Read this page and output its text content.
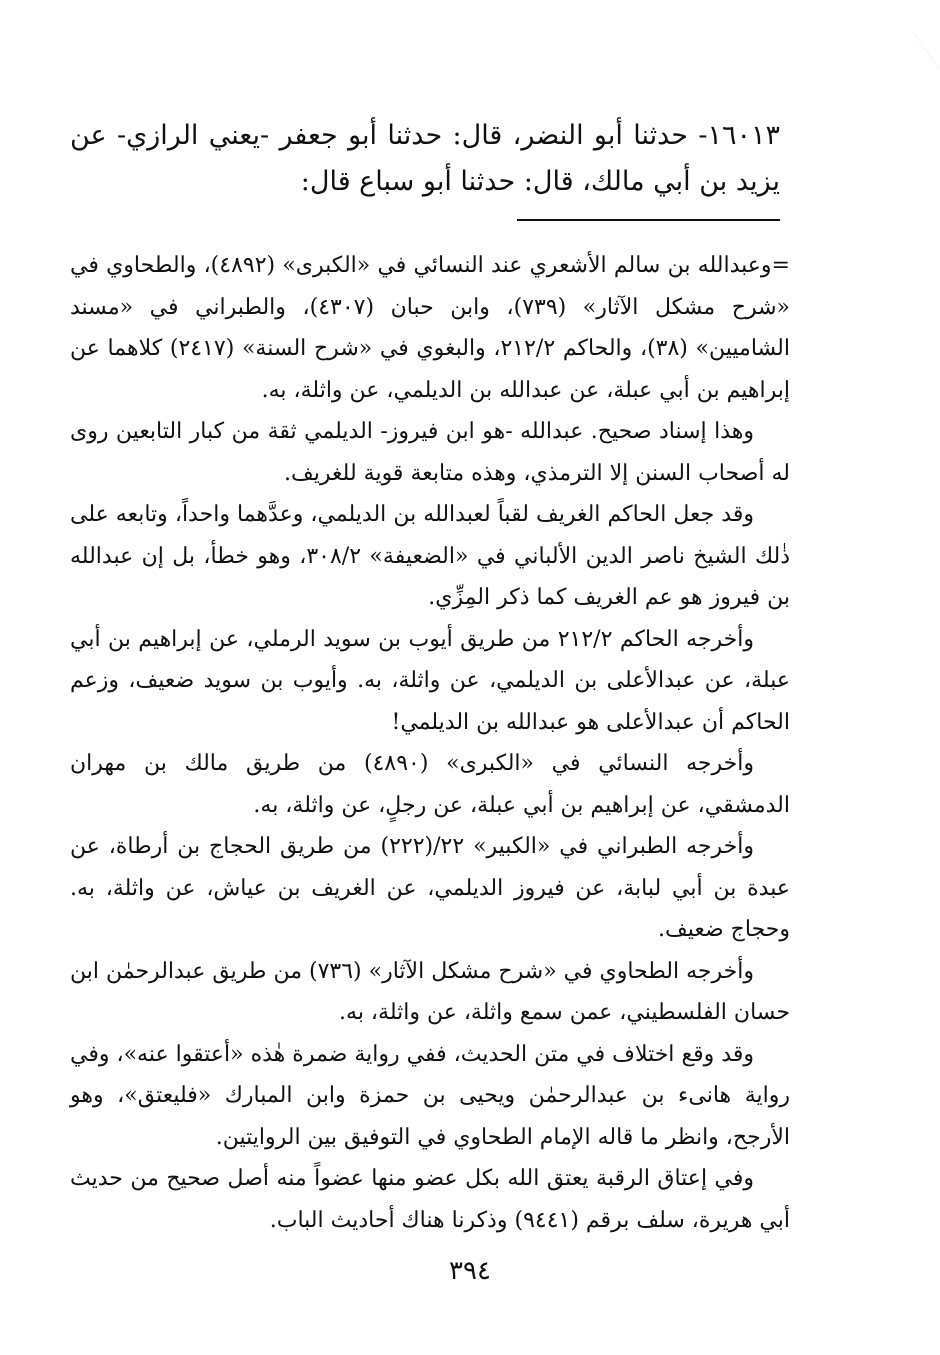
١٦٠١٣- حدثنا أبو النضر، قال: حدثنا أبو جعفر -يعني الرازي- عن يزيد بن أبي مالك، قال: حدثنا أبو سباع قال:

=وعبدالله بن سالم الأشعري عند النسائي في «الكبرى» (٤٨٩٢)، والطحاوي في «شرح مشكل الآثار» (٧٣٩)، وابن حبان (٤٣٠٧)، والطبراني في «مسند الشاميين» (٣٨)، والحاكم ٢١٢/٢، والبغوي في «شرح السنة» (٢٤١٧) كلاهما عن إبراهيم بن أبي عبلة، عن عبدالله بن الديلمي، عن واثلة، به.

وهذا إسناد صحيح. عبدالله -هو ابن فيروز- الديلمي ثقة من كبار التابعين روى له أصحاب السنن إلا الترمذي، وهذه متابعة قوية للغريف.

وقد جعل الحاكم الغريف لقباً لعبدالله بن الديلمي، وعدَّهما واحداً، وتابعه على ذٰلك الشيخ ناصر الدين الألباني في «الضعيفة» ٣٠٨/٢، وهو خطأ، بل إن عبدالله بن فيروز هو عم الغريف كما ذكر المِزِّي.

وأخرجه الحاكم ٢١٢/٢ من طريق أيوب بن سويد الرملي، عن إبراهيم بن أبي عبلة، عن عبدالأعلى بن الديلمي، عن واثلة، به. وأيوب بن سويد ضعيف، وزعم الحاكم أن عبدالأعلى هو عبدالله بن الديلمي!

وأخرجه النسائي في «الكبرى» (٤٨٩٠) من طريق مالك بن مهران الدمشقي، عن إبراهيم بن أبي عبلة، عن رجلٍ، عن واثلة، به.

وأخرجه الطبراني في «الكبير» ٢٢/(٢٢٢) من طريق الحجاج بن أرطاة، عن عبدة بن أبي لبابة، عن فيروز الديلمي، عن الغريف بن عياش، عن واثلة، به. وحجاج ضعيف.

وأخرجه الطحاوي في «شرح مشكل الآثار» (٧٣٦) من طريق عبدالرحمٰن ابن حسان الفلسطيني، عمن سمع واثلة، عن واثلة، به.

وقد وقع اختلاف في متن الحديث، ففي رواية ضمرة هٰذه «أعتقوا عنه»، وفي رواية هانىء بن عبدالرحمٰن ويحيى بن حمزة وابن المبارك «فليعتق»، وهو الأرجح، وانظر ما قاله الإمام الطحاوي في التوفيق بين الروايتين.

وفي إعتاق الرقبة يعتق الله بكل عضو منها عضواً منه أصل صحيح من حديث أبي هريرة، سلف برقم (٩٤٤١) وذكرنا هناك أحاديث الباب.

٣٩٤
